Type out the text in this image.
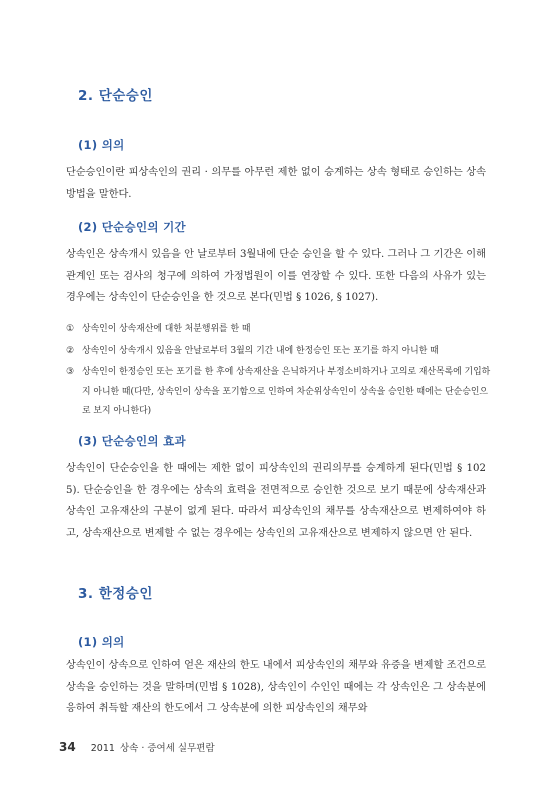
2. 단순승인
(1) 의의

단순승인이란 피상속인의 권리 · 의무를 아무런 제한 없이 승계하는 상속 형태로 승인하는 상속방법을 말한다.

(2) 단순승인의 기간

상속인은 상속개시 있음을 안 날로부터 3월내에 단순 승인을 할 수 있다. 그러나 그 기간은 이해관계인 또는 검사의 청구에 의하여 가정법원이 이를 연장할 수 있다. 또한 다음의 사유가 있는 경우에는 상속인이 단순승인을 한 것으로 본다(민법 § 1026, § 1027).

① 상속인이 상속재산에 대한 처분행위를 한 때
② 상속인이 상속개시 있음을 안날로부터 3월의 기간 내에 한정승인 또는 포기를 하지 아니한 때
③ 상속인이 한정승인 또는 포기를 한 후에 상속재산을 은닉하거나 부정소비하거나 고의로 재산목록에 기입하지 아니한 때(다만, 상속인이 상속을 포기함으로 인하여 차순위상속인이 상속을 승인한 때에는 단순승인으로 보지 아니한다)
(3) 단순승인의 효과

상속인이 단순승인을 한 때에는 제한 없이 피상속인의 권리의무를 승계하게 된다(민법 § 1025). 단순승인을 한 경우에는 상속의 효력을 전면적으로 승인한 것으로 보기 때문에 상속재산과 상속인 고유재산의 구분이 없게 된다. 따라서 피상속인의 채무를 상속재산으로 변제하여야 하고, 상속재산으로 변제할 수 없는 경우에는 상속인의 고유재산으로 변제하지 않으면 안 된다.

3. 한정승인
(1) 의의

상속인이 상속으로 인하여 얻은 재산의 한도 내에서 피상속인의 채무와 유증을 변제할 조건으로 상속을 승인하는 것을 말하며(민법 § 1028), 상속인이 수인인 때에는 각 상속인은 그 상속분에 응하여 취득할 재산의 한도에서 그 상속분에 의한 피상속인의 채무와

34 2011 상속 · 증여세 실무편람
